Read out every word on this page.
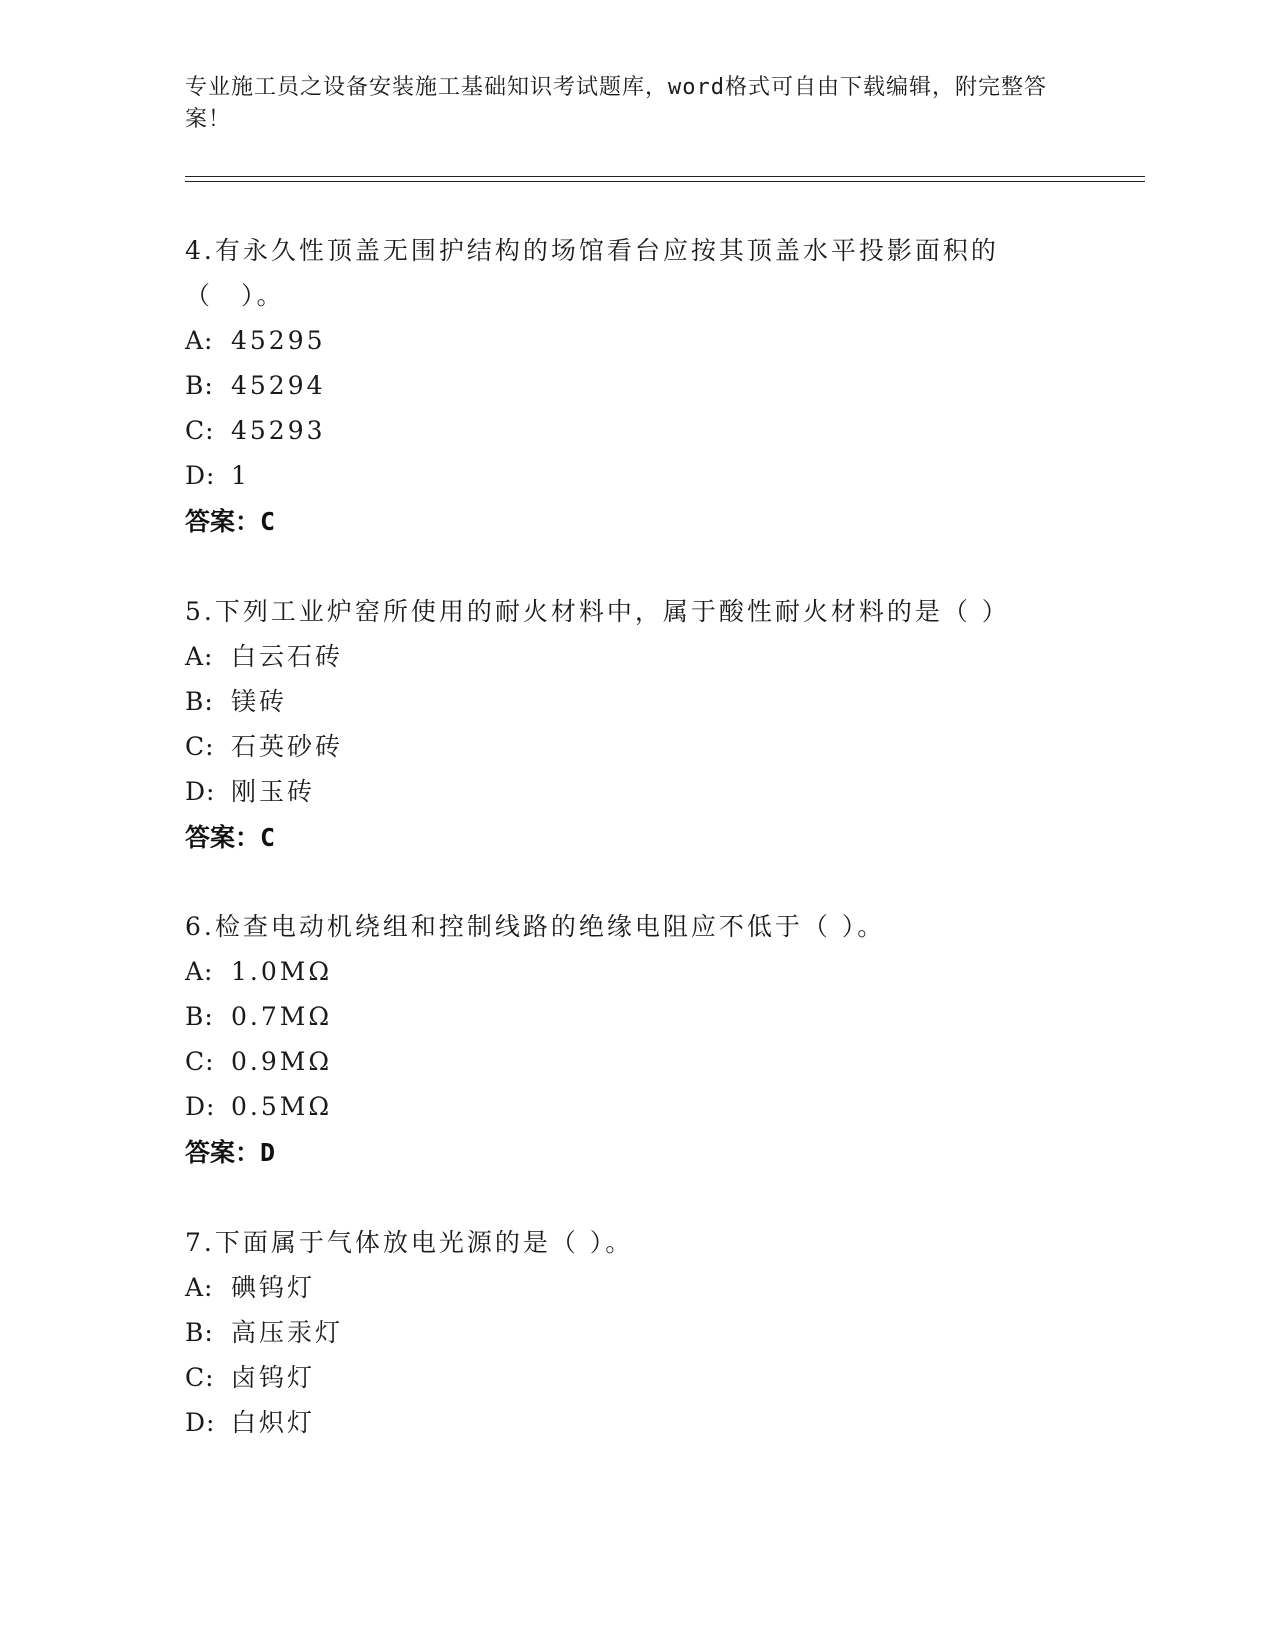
专业施工员之设备安装施工基础知识考试题库，word格式可自由下载编辑，附完整答案！
4.有永久性顶盖无围护结构的场馆看台应按其顶盖水平投影面积的（　）。
A: 45295
B: 45294
C: 45293
D: 1
答案：C
5.下列工业炉窑所使用的耐火材料中，属于酸性耐火材料的是（ ）
A: 白云石砖
B: 镁砖
C: 石英砂砖
D: 刚玉砖
答案：C
6.检查电动机绕组和控制线路的绝缘电阻应不低于（ ）。
A: 1.0MΩ
B: 0.7MΩ
C: 0.9MΩ
D: 0.5MΩ
答案：D
7.下面属于气体放电光源的是（ ）。
A: 碘钨灯
B: 高压汞灯
C: 卤钨灯
D: 白炽灯
